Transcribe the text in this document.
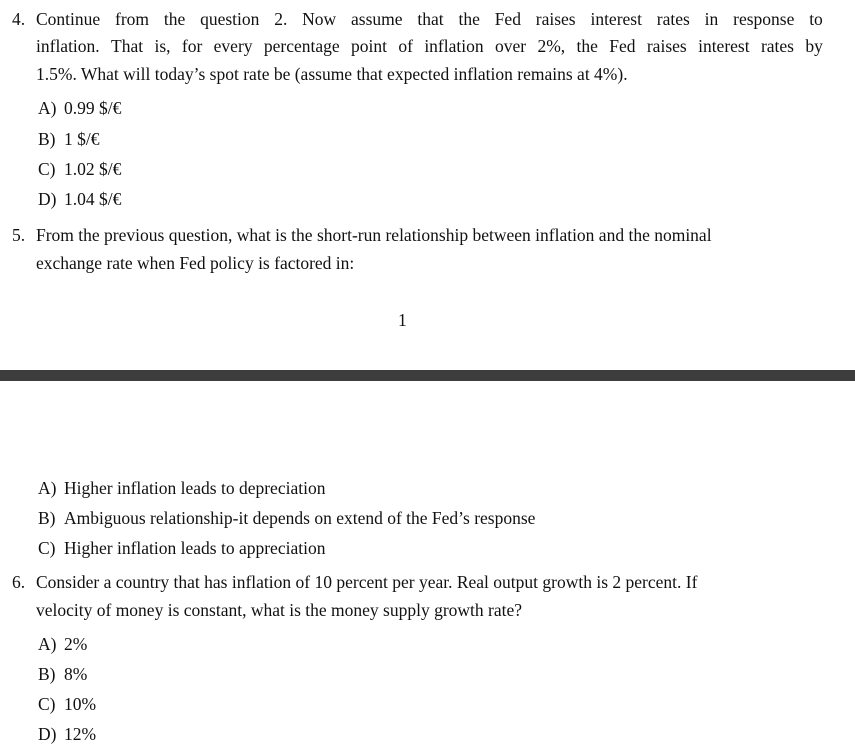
4. Continue from the question 2. Now assume that the Fed raises interest rates in response to
inflation. That is, for every percentage point of inflation over 2%, the Fed raises interest rates by
1.5%. What will today’s spot rate be (assume that expected inflation remains at 4%).
A) 0.99 $/€
B) 1 $/€
C) 1.02 $/€
D) 1.04 $/€
5. From the previous question, what is the short-run relationship between inflation and the nominal
exchange rate when Fed policy is factored in:
1
A) Higher inflation leads to depreciation
B) Ambiguous relationship-it depends on extend of the Fed’s response
C) Higher inflation leads to appreciation
6. Consider a country that has inflation of 10 percent per year. Real output growth is 2 percent. If
velocity of money is constant, what is the money supply growth rate?
A) 2%
B) 8%
C) 10%
D) 12%
